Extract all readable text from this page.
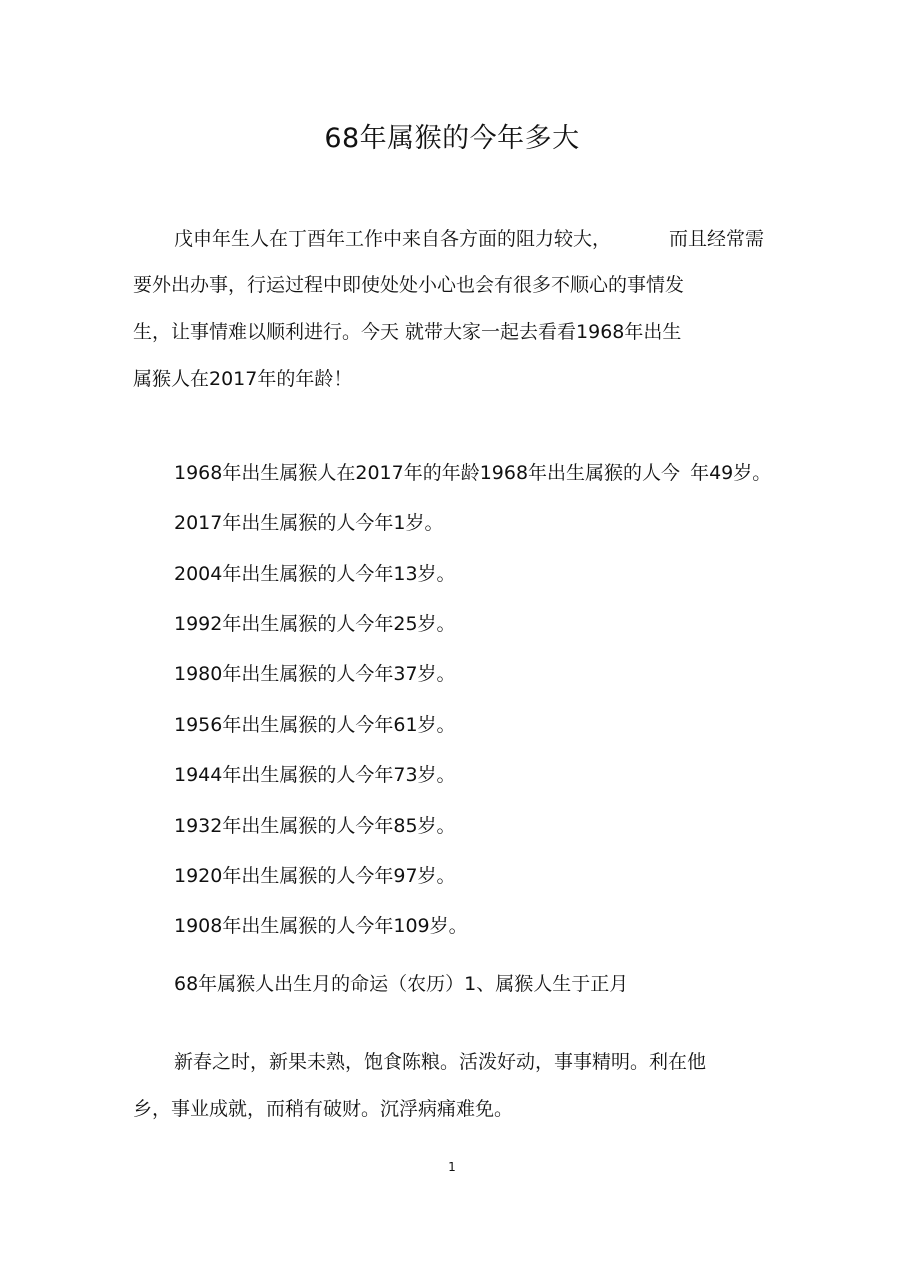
68年属猴的今年多大
戊申年生人在丁酉年工作中来自各方面的阻力较大，	而且经常需
要外出办事，行运过程中即使处处小心也会有很多不顺心的事情发
生，让事情难以顺利进行。今天 就带大家一起去看看1968年出生
属猴人在2017年的年龄！
1968年出生属猴人在2017年的年龄1968年出生属猴的人今 年49岁。
2017年出生属猴的人今年1岁。
2004年出生属猴的人今年13岁。
1992年出生属猴的人今年25岁。
1980年出生属猴的人今年37岁。
1956年出生属猴的人今年61岁。
1944年出生属猴的人今年73岁。
1932年出生属猴的人今年85岁。
1920年出生属猴的人今年97岁。
1908年出生属猴的人今年109岁。
68年属猴人出生月的命运（农历）1、属猴人生于正月
新春之时，新果未熟，饱食陈粮。活泼好动，事事精明。利在他
乡，事业成就，而稍有破财。沉浮病痛难免。
1
